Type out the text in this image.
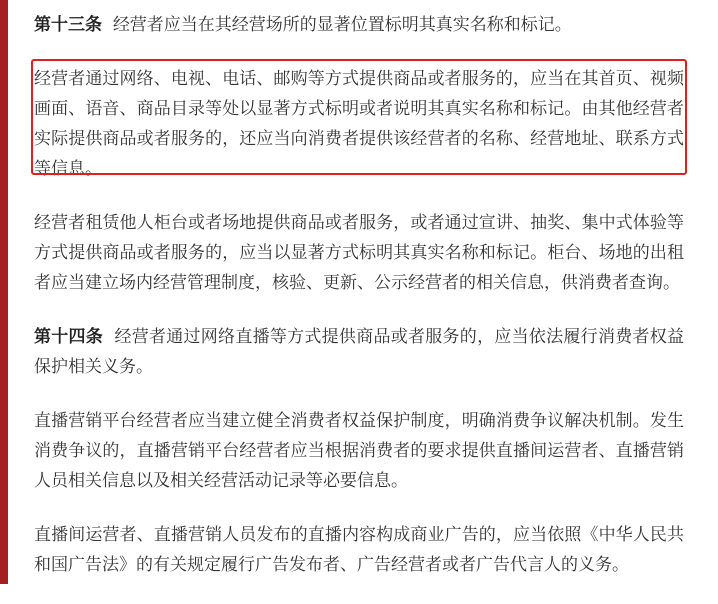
第十三条 经营者应当在其经营场所的显著位置标明其真实名称和标记。

经营者通过网络、电视、电话、邮购等方式提供商品或者服务的，应当在其首页、视频画面、语音、商品目录等处以显著方式标明或者说明其真实名称和标记。由其他经营者实际提供商品或者服务的，还应当向消费者提供该经营者的名称、经营地址、联系方式等信息。

经营者租赁他人柜台或者场地提供商品或者服务，或者通过宣讲、抽奖、集中式体验等方式提供商品或者服务的，应当以显著方式标明其真实名称和标记。柜台、场地的出租者应当建立场内经营管理制度，核验、更新、公示经营者的相关信息，供消费者查询。

第十四条 经营者通过网络直播等方式提供商品或者服务的，应当依法履行消费者权益保护相关义务。

直播营销平台经营者应当建立健全消费者权益保护制度，明确消费争议解决机制。发生消费争议的，直播营销平台经营者应当根据消费者的要求提供直播间运营者、直播营销人员相关信息以及相关经营活动记录等必要信息。

直播间运营者、直播营销人员发布的直播内容构成商业广告的，应当依照《中华人民共和国广告法》的有关规定履行广告发布者、广告经营者或者广告代言人的义务。
